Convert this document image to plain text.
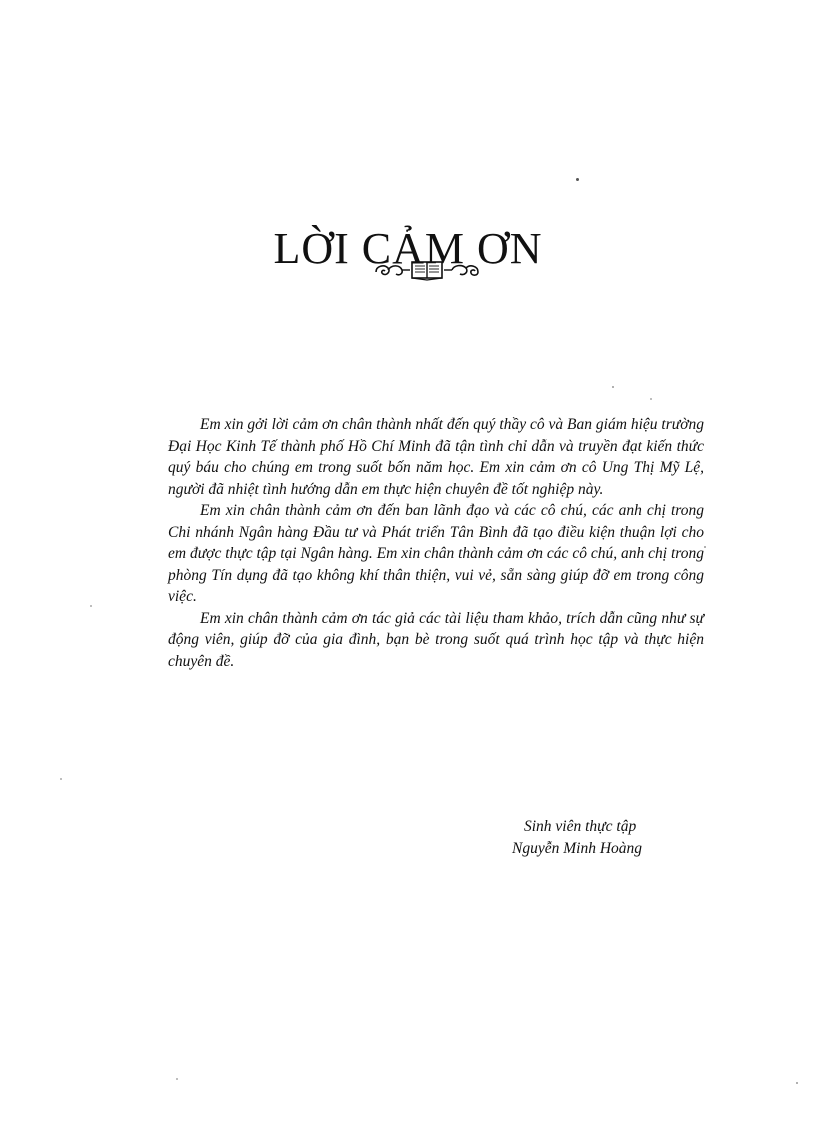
LỜI CẢM ƠN

Em xin gởi lời cảm ơn chân thành nhất đến quý thầy cô và Ban giám hiệu trường Đại Học Kinh Tế thành phố Hồ Chí Minh đã tận tình chỉ dẫn và truyền đạt kiến thức quý báu cho chúng em trong suốt bốn năm học. Em xin cảm ơn cô Ung Thị Mỹ Lệ, người đã nhiệt tình hướng dẫn em thực hiện chuyên đề tốt nghiệp này.

Em xin chân thành cảm ơn đến ban lãnh đạo và các cô chú, các anh chị trong Chi nhánh Ngân hàng Đầu tư và Phát triển Tân Bình đã tạo điều kiện thuận lợi cho em được thực tập tại Ngân hàng. Em xin chân thành cảm ơn các cô chú, anh chị trong phòng Tín dụng đã tạo không khí thân thiện, vui vẻ, sẵn sàng giúp đỡ em trong công việc.

Em xin chân thành cảm ơn tác giả các tài liệu tham khảo, trích dẫn cũng như sự động viên, giúp đỡ của gia đình, bạn bè trong suốt quá trình học tập và thực hiện chuyên đề.

Sinh viên thực tập
Nguyễn Minh Hoàng
